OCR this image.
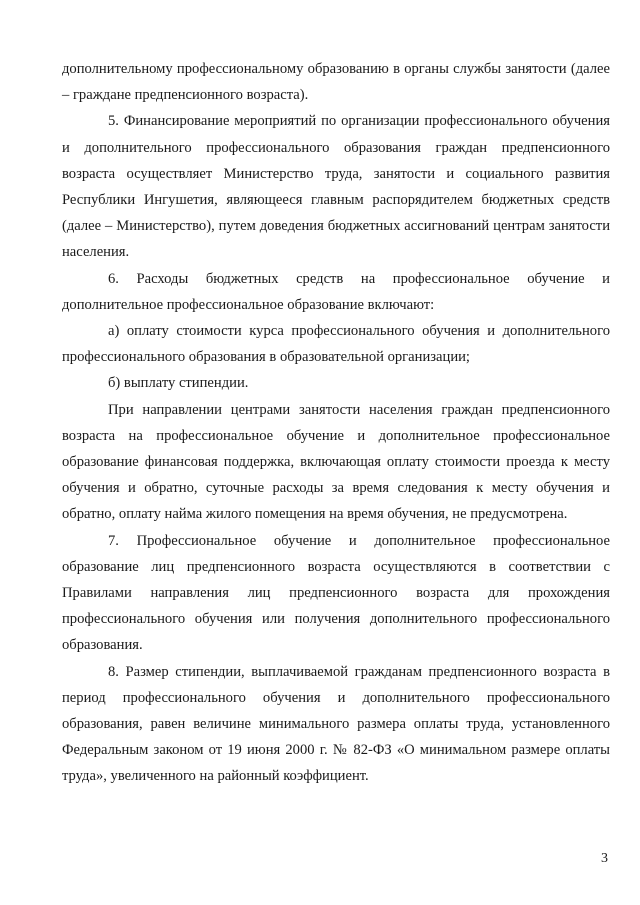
дополнительному профессиональному образованию в органы службы занятости (далее – граждане предпенсионного возраста).

5. Финансирование мероприятий по организации профессионального обучения и дополнительного профессионального образования граждан предпенсионного возраста осуществляет Министерство труда, занятости и социального развития Республики Ингушетия, являющееся главным распорядителем бюджетных средств (далее – Министерство), путем доведения бюджетных ассигнований центрам занятости населения.

6. Расходы бюджетных средств на профессиональное обучение и дополнительное профессиональное образование включают:

а) оплату стоимости курса профессионального обучения и дополнительного профессионального образования в образовательной организации;

б) выплату стипендии.

При направлении центрами занятости населения граждан предпенсионного возраста на профессиональное обучение и дополнительное профессиональное образование финансовая поддержка, включающая оплату стоимости проезда к месту обучения и обратно, суточные расходы за время следования к месту обучения и обратно, оплату найма жилого помещения на время обучения, не предусмотрена.

7. Профессиональное обучение и дополнительное профессиональное образование лиц предпенсионного возраста осуществляются в соответствии с Правилами направления лиц предпенсионного возраста для прохождения профессионального обучения или получения дополнительного профессионального образования.

8. Размер стипендии, выплачиваемой гражданам предпенсионного возраста в период профессионального обучения и дополнительного профессионального образования, равен величине минимального размера оплаты труда, установленного Федеральным законом от 19 июня 2000 г. № 82-ФЗ «О минимальном размере оплаты труда», увеличенного на районный коэффициент.

3
